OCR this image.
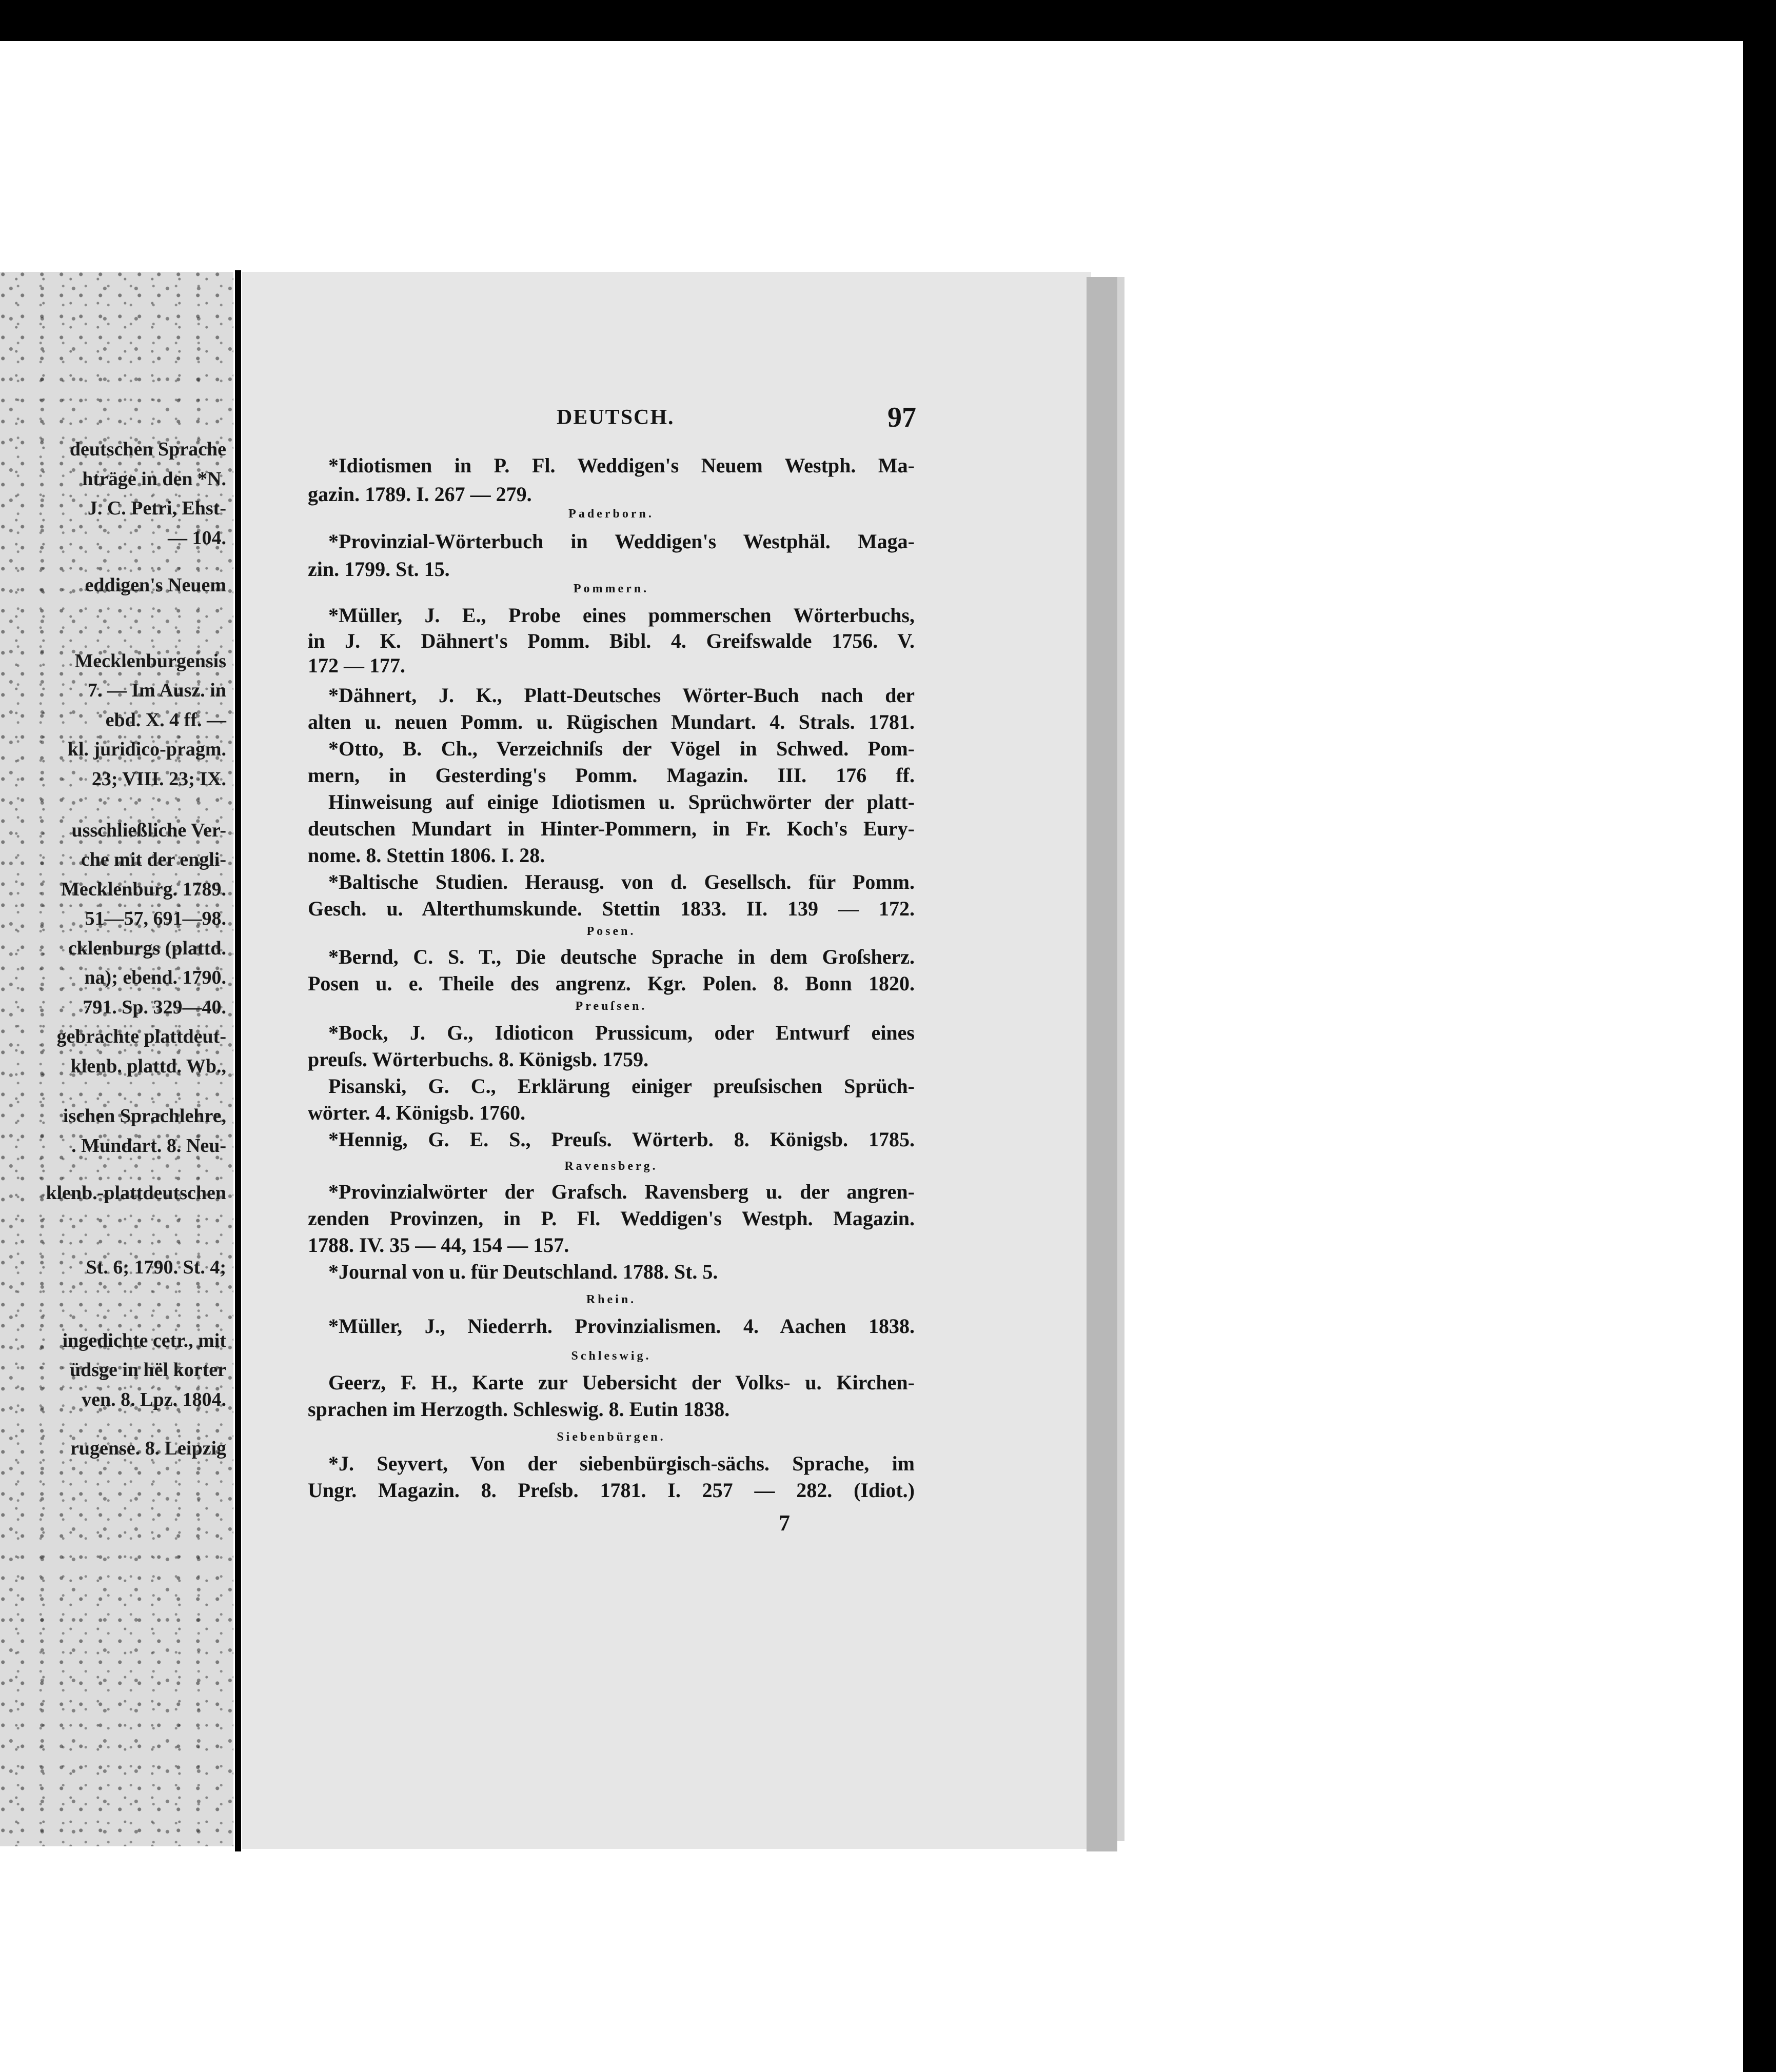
deutschen Sprache
hträge in den *N.
J. C. Petri, Ehst-
— 104.
eddigen's Neuem
Mecklenburgensis
7. — Im Ausz. in
ebd. X. 4 ff. —
kl. juridico-pragm.
23; VIII. 23; IX.
usschließliche Ver-
che mit der engli-
Mecklenburg. 1789.
51—57, 691—98.
cklenburgs (plattd.
na); ebend. 1790.
791. Sp. 329—40.
gebrachte plattdeut-
klenb. plattd. Wb.,
ischen Sprachlehre,
. Mundart. 8. Neu-
klenb.-plattdeutschen
St. 6; 1790. St. 4;
ingedichte cetr., mit
üdsge in hël korter
ven. 8. Lpz. 1804.
rugense. 8. Leipzig
DEUTSCH.	97
*Idiotismen in P. Fl. Weddigen's Neuem Westph. Ma-
gazin. 1789. I. 267 — 279.
Paderborn.
*Provinzial-Wörterbuch in Weddigen's Westphäl. Maga-
zin. 1799. St. 15.
Pommern.
*Müller, J. E., Probe eines pommerschen Wörterbuchs,
in J. K. Dähnert's Pomm. Bibl. 4. Greifswalde 1756. V.
172 — 177.
*Dähnert, J. K., Platt-Deutsches Wörter-Buch nach der
alten u. neuen Pomm. u. Rügischen Mundart. 4. Strals. 1781.
*Otto, B. Ch., Verzeichniſs der Vögel in Schwed. Pom-
mern, in Gesterding's Pomm. Magazin. III. 176 ff.
Hinweisung auf einige Idiotismen u. Sprüchwörter der platt-
deutschen Mundart in Hinter-Pommern, in Fr. Koch's Eury-
nome. 8. Stettin 1806. I. 28.
*Baltische Studien. Herausg. von d. Gesellsch. für Pomm.
Gesch. u. Alterthumskunde. Stettin 1833. II. 139 — 172.
Posen.
*Bernd, C. S. T., Die deutsche Sprache in dem Groſsherz.
Posen u. e. Theile des angrenz. Kgr. Polen. 8. Bonn 1820.
Preuſsen.
*Bock, J. G., Idioticon Prussicum, oder Entwurf eines
preuſs. Wörterbuchs. 8. Königsb. 1759.
Pisanski, G. C., Erklärung einiger preuſsischen Sprüch-
wörter. 4. Königsb. 1760.
*Hennig, G. E. S., Preuſs. Wörterb. 8. Königsb. 1785.
Ravensberg.
*Provinzialwörter der Grafsch. Ravensberg u. der angren-
zenden Provinzen, in P. Fl. Weddigen's Westph. Magazin.
1788. IV. 35 — 44, 154 — 157.
*Journal von u. für Deutschland. 1788. St. 5.
Rhein.
*Müller, J., Niederrh. Provinzialismen. 4. Aachen 1838.
Schleswig.
Geerz, F. H., Karte zur Uebersicht der Volks- u. Kirchen-
sprachen im Herzogth. Schleswig. 8. Eutin 1838.
Siebenbürgen.
*J. Seyvert, Von der siebenbürgisch-sächs. Sprache, im
Ungr. Magazin. 8. Preſsb. 1781. I. 257 — 282. (Idiot.)
7
